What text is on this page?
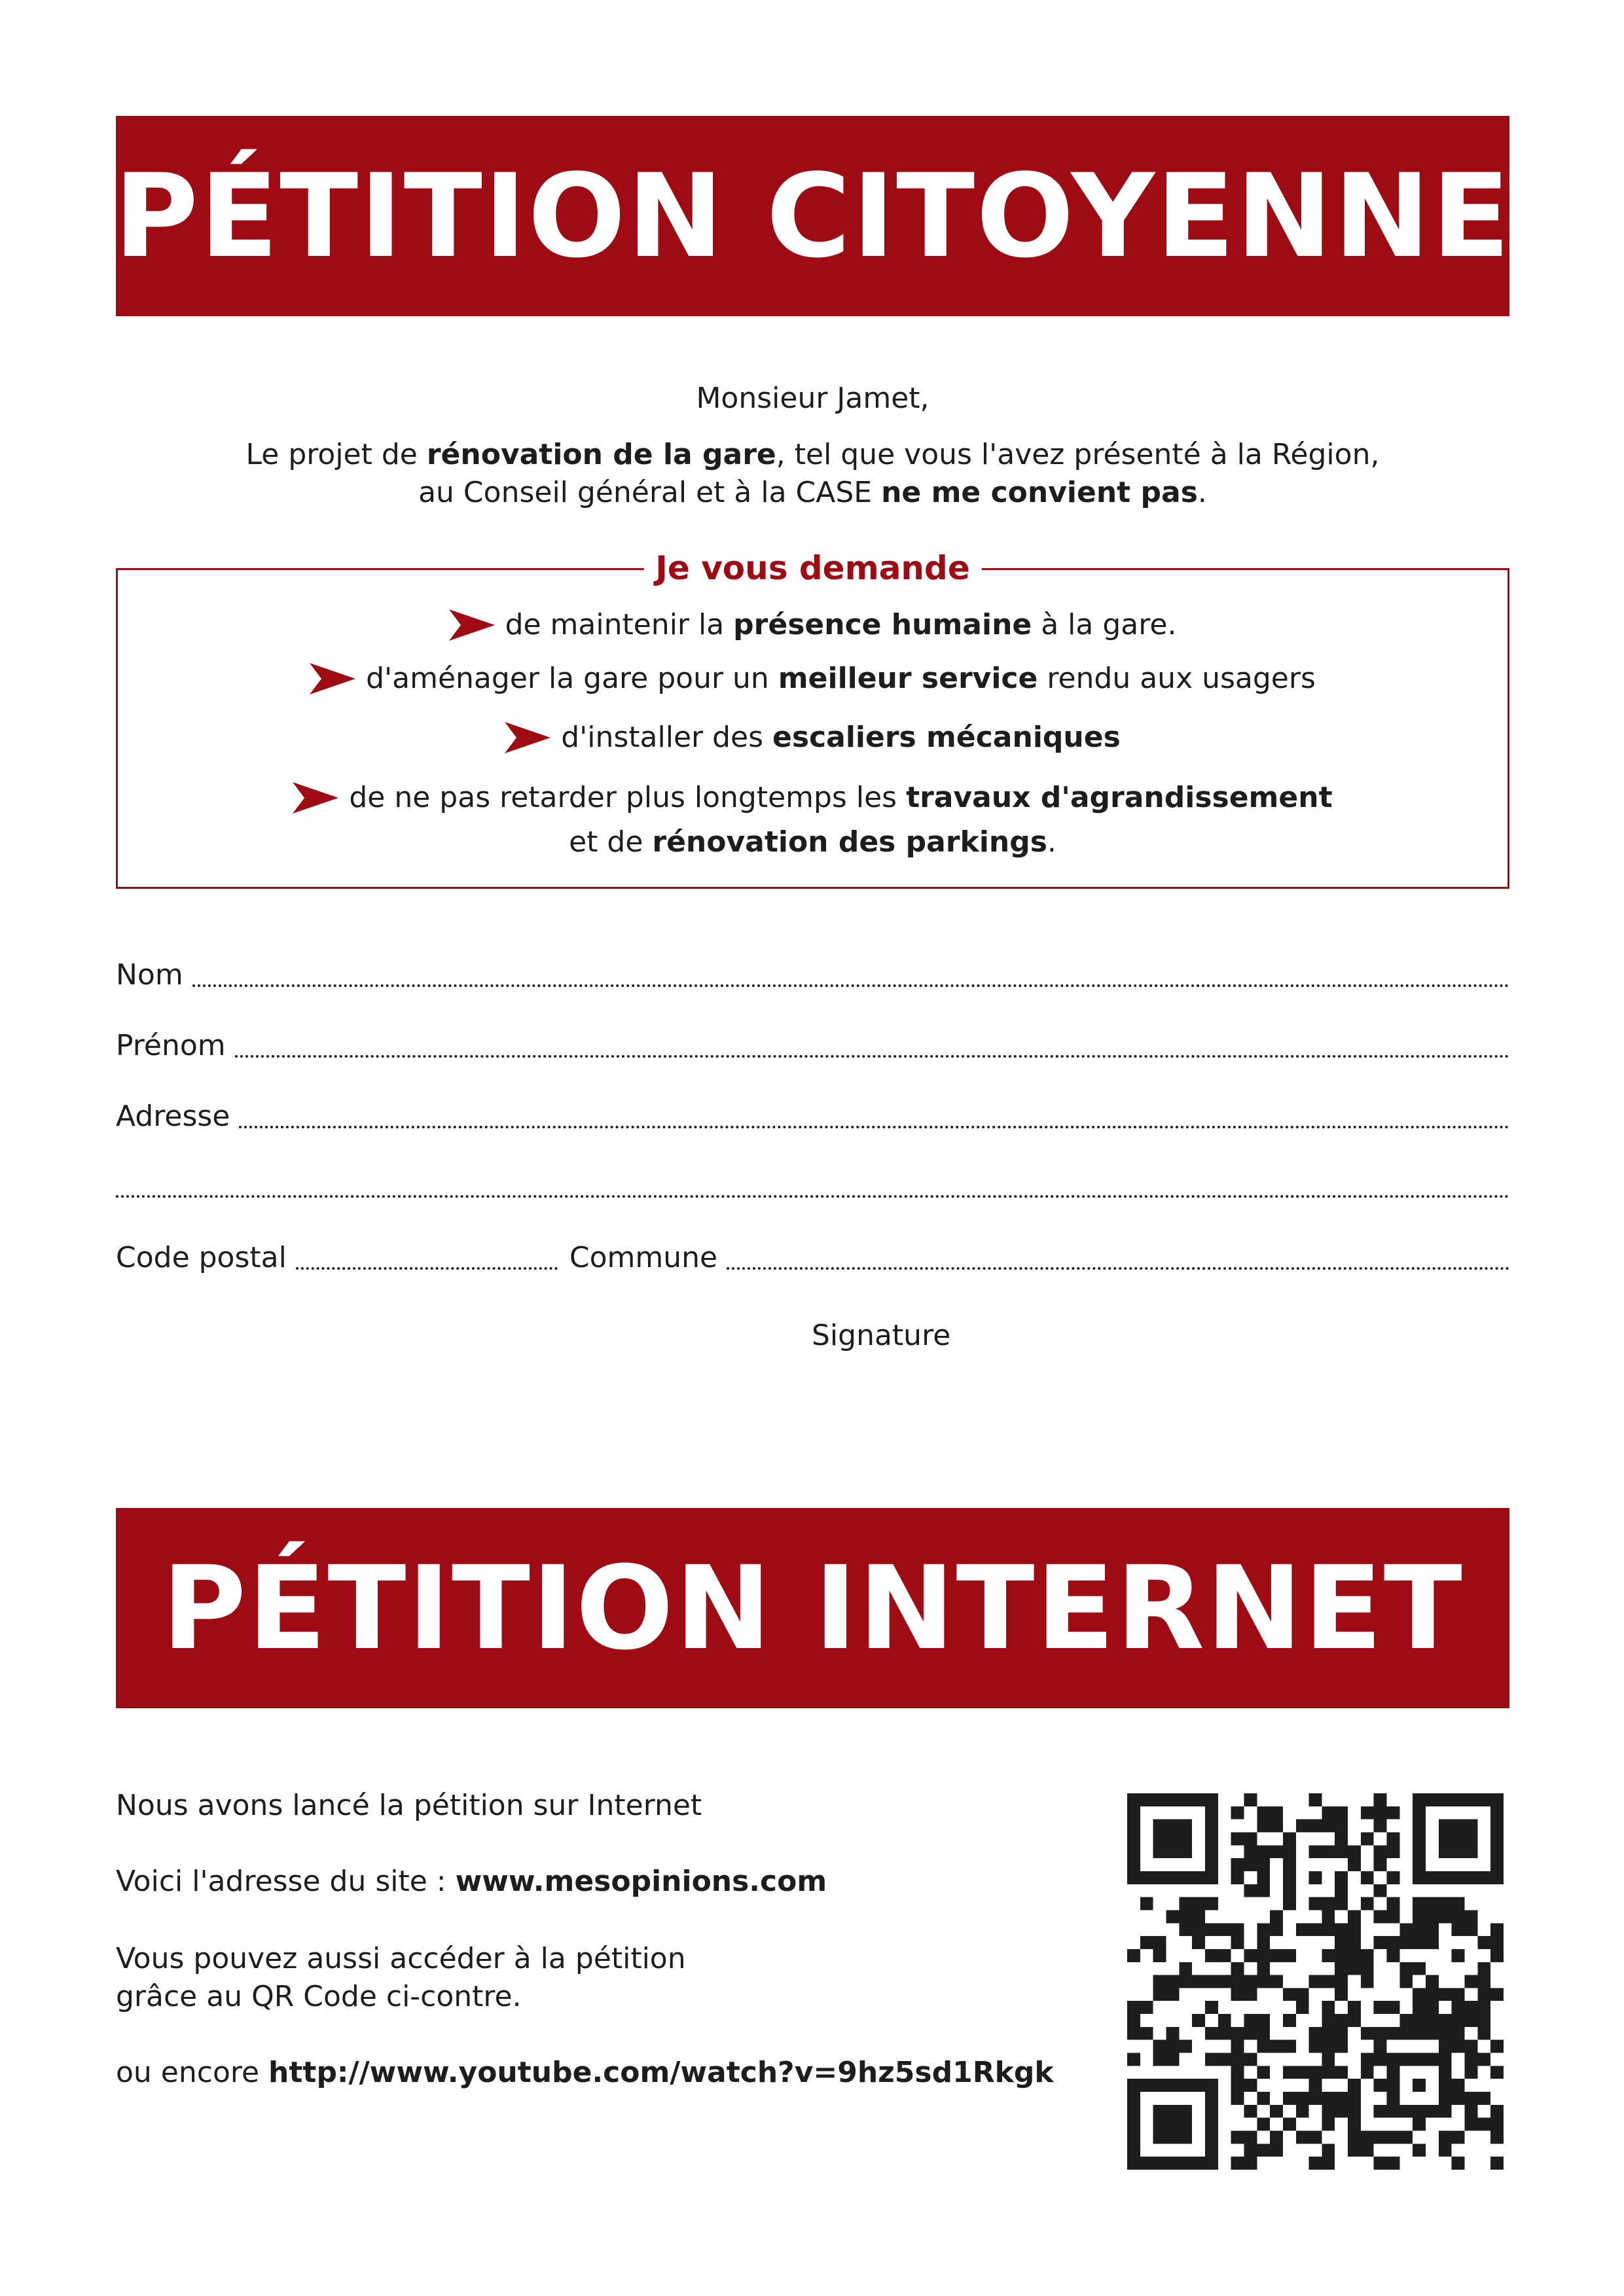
PÉTITION CITOYENNE
Monsieur Jamet,
Le projet de rénovation de la gare, tel que vous l'avez présenté à la Région,
au Conseil général et à la CASE ne me convient pas.
Je vous demande
de maintenir la présence humaine à la gare.
d'aménager la gare pour un meilleur service rendu aux usagers
d'installer des escaliers mécaniques
de ne pas retarder plus longtemps les travaux d'agrandissement
et de rénovation des parkings.
Nom
Prénom
Adresse
Code postal	Commune
Signature
PÉTITION INTERNET
Nous avons lancé la pétition sur Internet
Voici l'adresse du site : www.mesopinions.com
Vous pouvez aussi accéder à la pétition
grâce au QR Code ci-contre.
ou encore http://www.youtube.com/watch?v=9hz5sd1Rkgk
